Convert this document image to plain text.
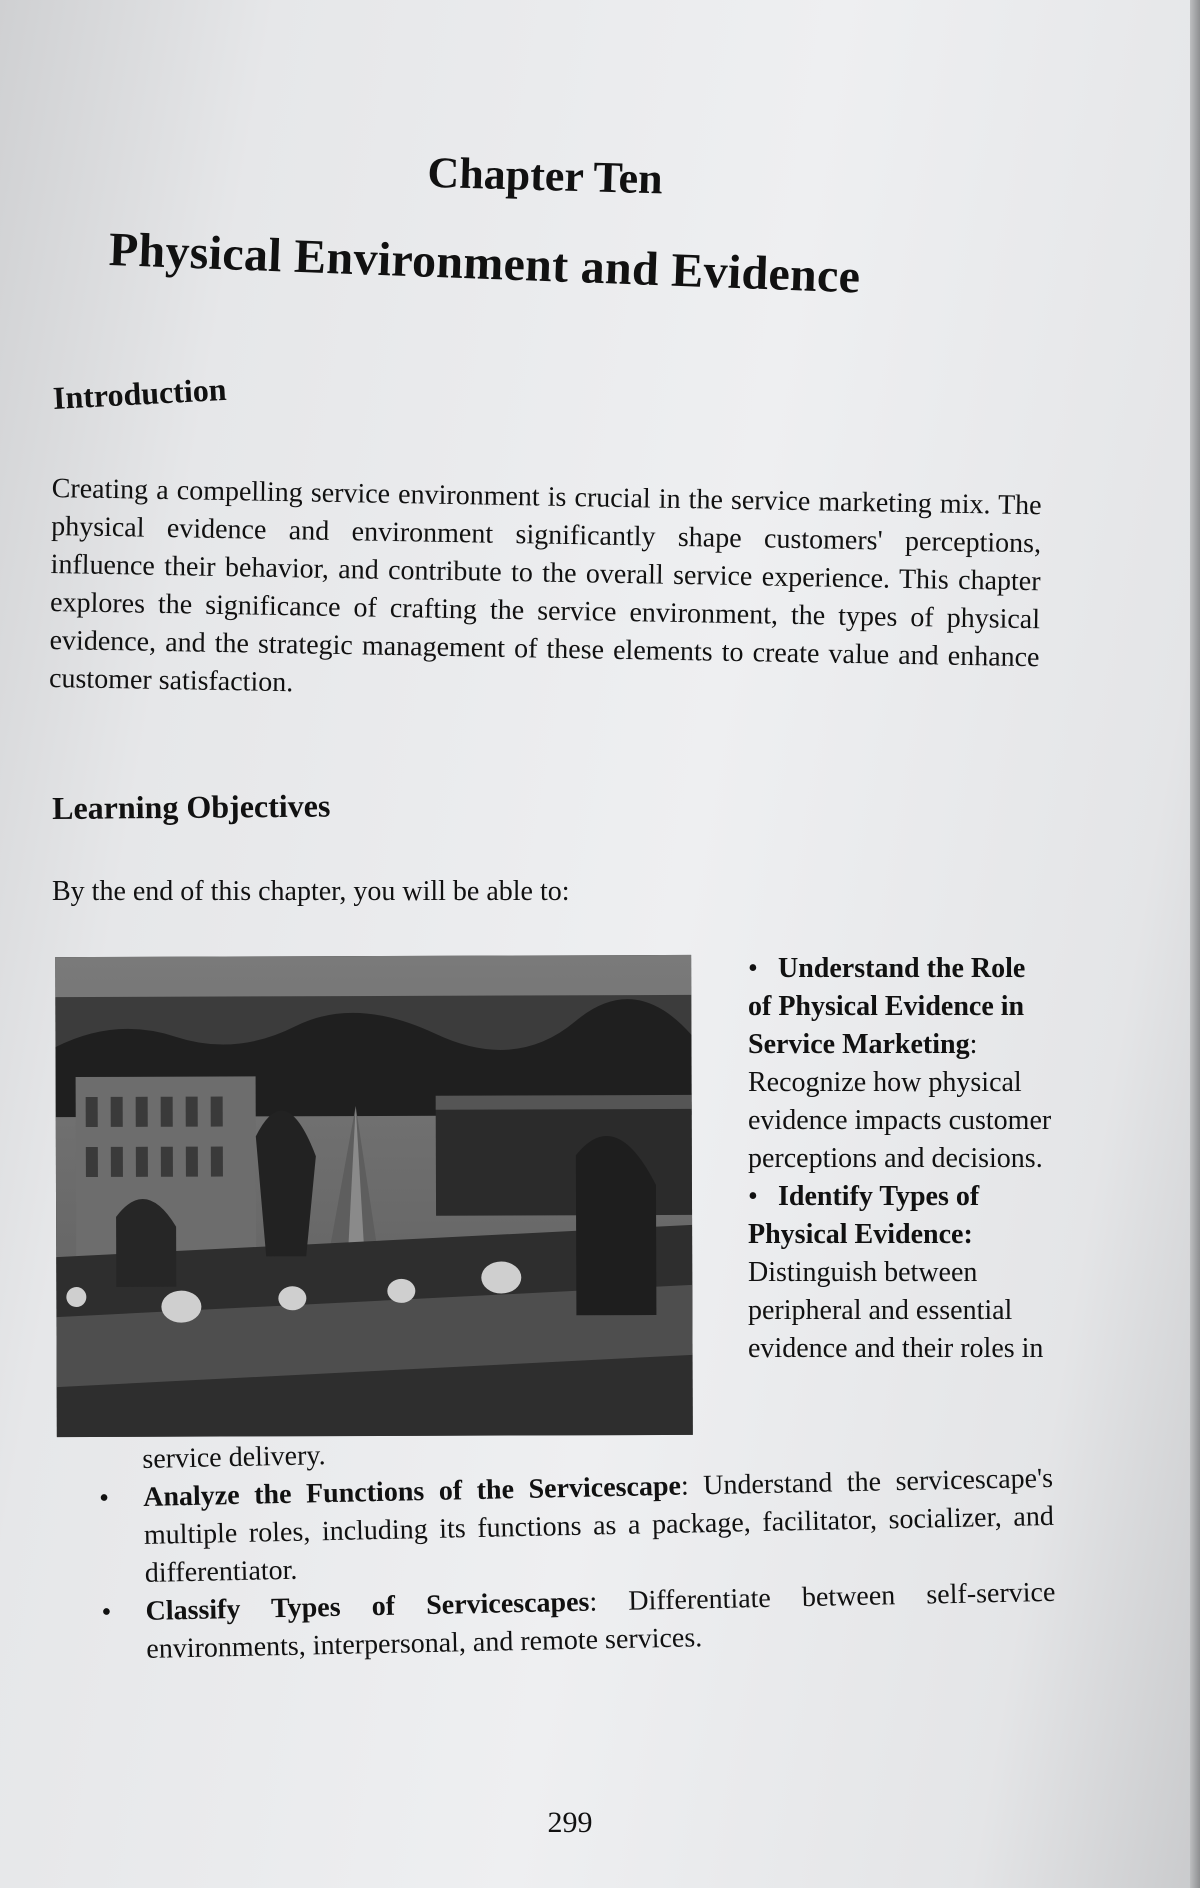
Chapter Ten
Physical Environment and Evidence
Introduction
Creating a compelling service environment is crucial in the service marketing mix. The physical evidence and environment significantly shape customers' perceptions, influence their behavior, and contribute to the overall service experience. This chapter explores the significance of crafting the service environment, the types of physical evidence, and the strategic management of these elements to create value and enhance customer satisfaction.
Learning Objectives
By the end of this chapter, you will be able to:

• Understand the Role of Physical Evidence in Service Marketing: Recognize how physical evidence impacts customer perceptions and decisions.

• Identify Types of Physical Evidence: Distinguish between peripheral and essential evidence and their roles in

service delivery.
• Analyze the Functions of the Servicescape: Understand the servicescape's multiple roles, including its functions as a package, facilitator, socializer, and differentiator.
• Classify Types of Servicescapes: Differentiate between self-service environments, interpersonal, and remote services.
299
